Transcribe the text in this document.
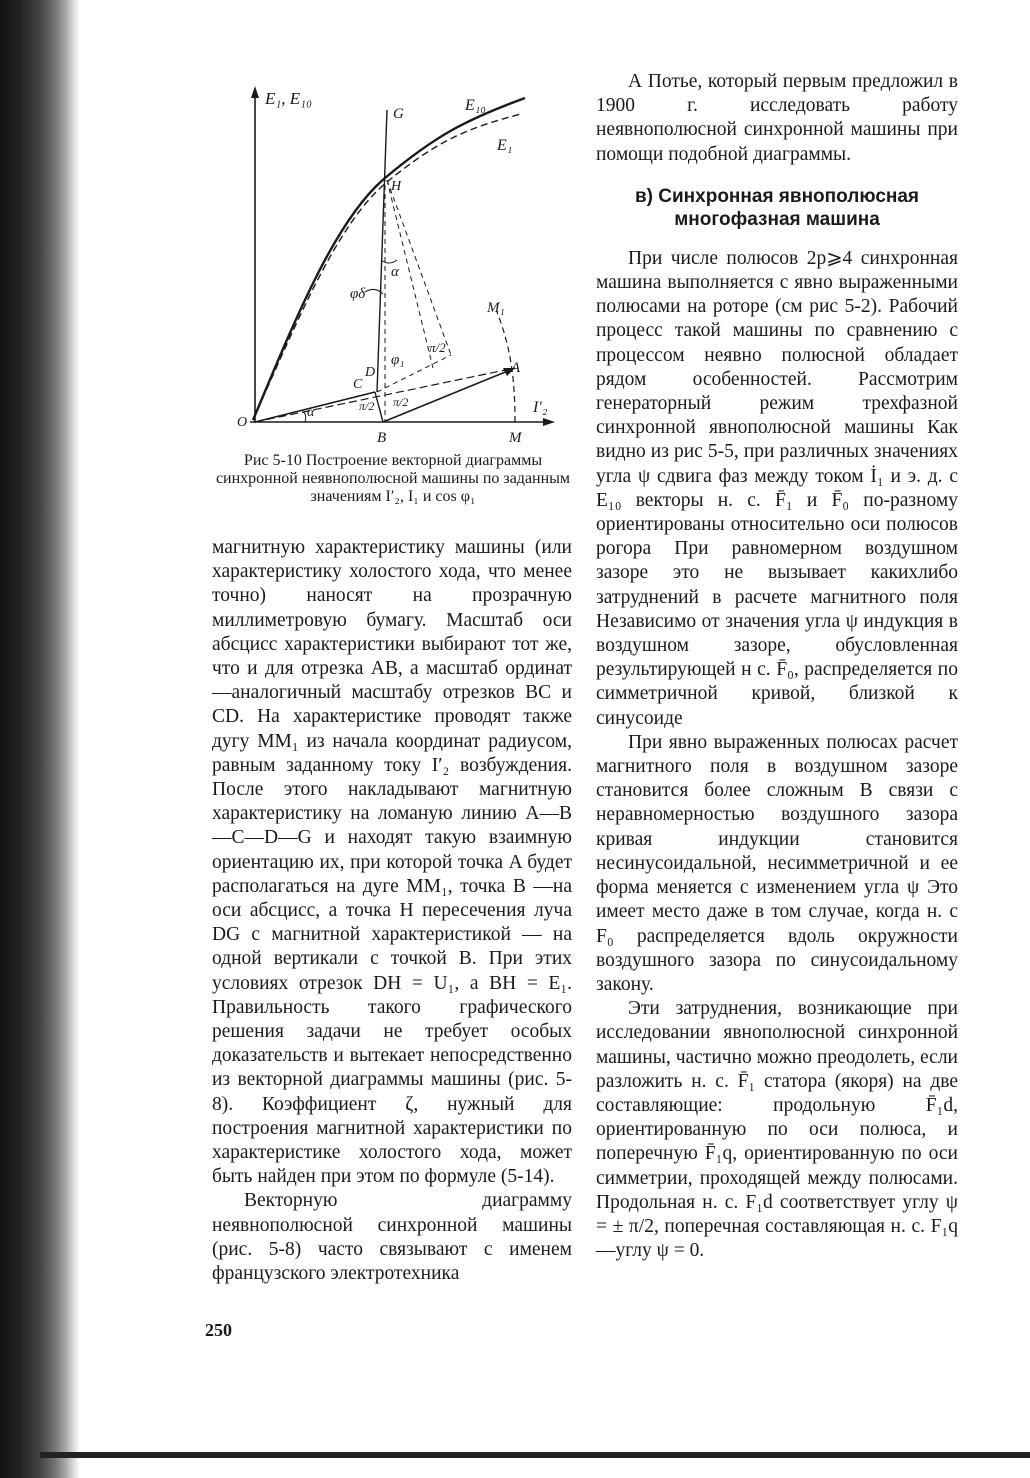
E₁, E₁₀
G	E₁₀
E₁
H
α
φδ
M₁
φ₁
π/2
A
D
C
π/2 π/2
α	I′₂
O
B	M
Рис 5-10 Построение векторной диаграммы синхронной неявнополюсной машины по заданным значениям I′₂, I₁ и cos φ₁

магнитную характеристику машины (или характеристику холостого хода, что менее точно) наносят на прозрачную миллиметровую бумагу. Масштаб оси абсцисс характеристики выбирают тот же, что и для отрезка AB, а масштаб ординат—аналогичный масштабу отрезков BC и CD. На характеристике проводят также дугу MM₁ из начала координат радиусом, равным заданному току I′₂ возбуждения. После этого накладывают магнитную характеристику на ломаную линию A—B—C—D—G и находят такую взаимную ориентацию их, при которой точка A будет располагаться на дуге MM₁, точка B —на оси абсцисс, а точка H пересечения луча DG с магнитной характеристикой — на одной вертикали с точкой B. При этих условиях отрезок DH = U₁, а BH = E₁. Правильность такого графического решения задачи не требует особых доказательств и вытекает непосредственно из векторной диаграммы машины (рис. 5-8). Коэффициент ζ, нужный для построения магнитной характеристики по характеристике холостого хода, может быть найден при этом по формуле (5-14).

Векторную диаграмму неявнополюсной синхронной машины (рис. 5-8) часто связывают с именем французского электротехника

А Потье, который первым предложил в 1900 г. исследовать работу неявнополюсной синхронной машины при помощи подобной диаграммы.

в) Синхронная явнополюсная многофазная машина

При числе полюсов 2p⩾4 синхронная машина выполняется с явно выраженными полюсами на роторе (см рис 5-2). Рабочий процесс такой машины по сравнению с процессом неявно полюсной обладает рядом особенностей. Рассмотрим генераторный режим трехфазной синхронной явнополюсной машины Как видно из рис 5-5, при различных значениях угла ψ сдвига фаз между током İ₁ и э. д. с E₁₀ векторы н. с. F̄₁ и F̄₀ по-разному ориентированы относительно оси полюсов рогора При равномерном воздушном зазоре это не вызывает какихлибо затруднений в расчете магнитного поля Независимо от значения угла ψ индукция в воздушном зазоре, обусловленная результирующей н с. F̄₀, распределяется по симметричной кривой, близкой к синусоиде

При явно выраженных полюсах расчет магнитного поля в воздушном зазоре становится более сложным В связи с неравномерностью воздушного зазора кривая индукции становится несинусоидальной, несимметричной и ее форма меняется с изменением угла ψ Это имеет место даже в том случае, когда н. с F₀ распределяется вдоль окружности воздушного зазора по синусоидальному закону.

Эти затруднения, возникающие при исследовании явнополюсной синхронной машины, частично можно преодолеть, если разложить н. с. F̄₁ статора (якоря) на две составляющие: продольную F̄₁d, ориентированную по оси полюса, и поперечную F̄₁q, ориентированную по оси симметрии, проходящей между полюсами. Продольная н. с. F₁d соответствует углу ψ = ± π/2, поперечная составляющая н. с. F₁q—углу ψ = 0.

250
